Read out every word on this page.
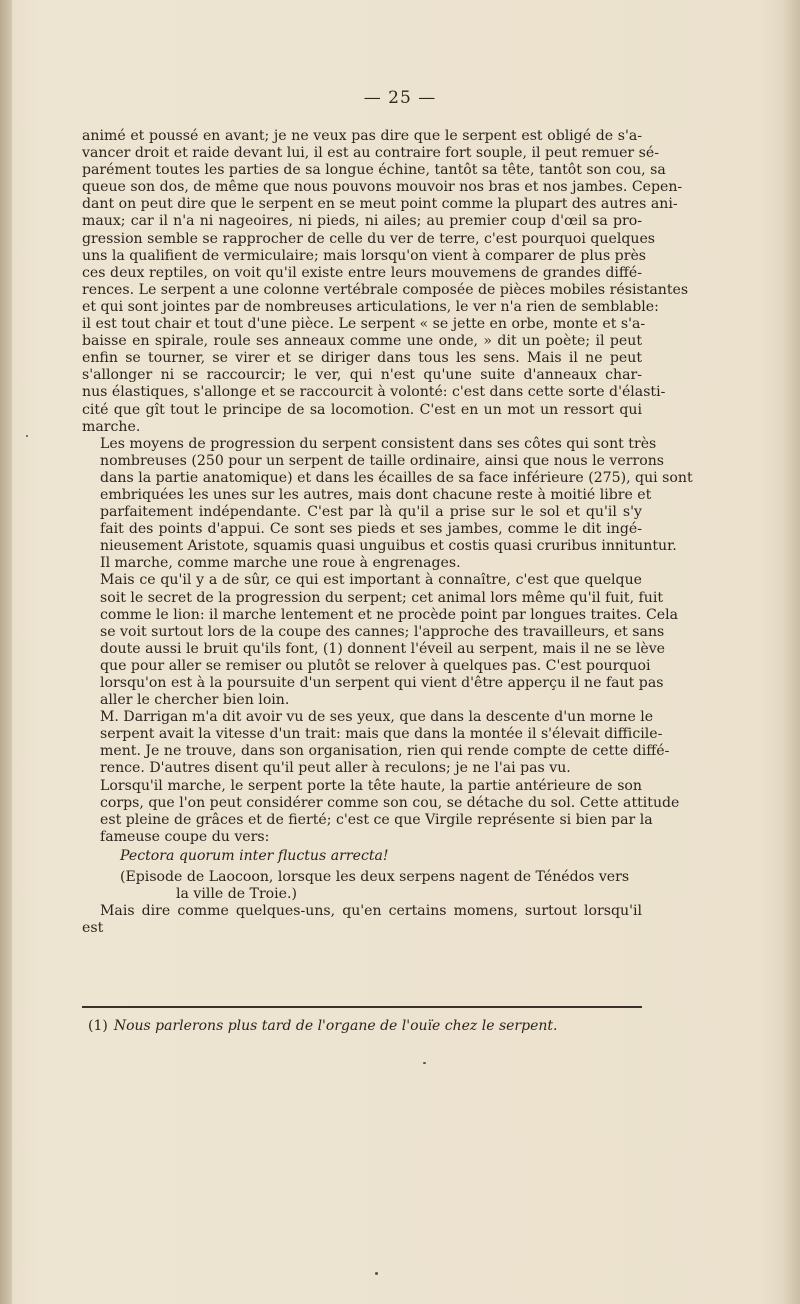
— 25 —

animé et poussé en avant; je ne veux pas dire que le serpent est obligé de s'a-
vancer droit et raide devant lui, il est au contraire fort souple, il peut remuer sé-
parément toutes les parties de sa longue échine, tantôt sa tête, tantôt son cou, sa
queue son dos, de même que nous pouvons mouvoir nos bras et nos jambes. Cepen-
dant on peut dire que le serpent en se meut point comme la plupart des autres ani-
maux; car il n'a ni nageoires, ni pieds, ni ailes; au premier coup d'œil sa pro-
gression semble se rapprocher de celle du ver de terre, c'est pourquoi quelques
uns la qualifient de vermiculaire; mais lorsqu'on vient à comparer de plus près
ces deux reptiles, on voit qu'il existe entre leurs mouvemens de grandes diffé-
rences. Le serpent a une colonne vertébrale composée de pièces mobiles résistantes
et qui sont jointes par de nombreuses articulations, le ver n'a rien de semblable:
il est tout chair et tout d'une pièce. Le serpent « se jette en orbe, monte et s'a-
baisse en spirale, roule ses anneaux comme une onde, » dit un poète; il peut
enfin se tourner, se virer et se diriger dans tous les sens. Mais il ne peut
s'allonger ni se raccourcir; le ver, qui n'est qu'une suite d'anneaux char-
nus élastiques, s'allonge et se raccourcit à volonté: c'est dans cette sorte d'élasti-
cité que gît tout le principe de sa locomotion. C'est en un mot un ressort qui
marche.

Les moyens de progression du serpent consistent dans ses côtes qui sont très
nombreuses (250 pour un serpent de taille ordinaire, ainsi que nous le verrons
dans la partie anatomique) et dans les écailles de sa face inférieure (275), qui sont
embriquées les unes sur les autres, mais dont chacune reste à moitié libre et
parfaitement indépendante. C'est par là qu'il a prise sur le sol et qu'il s'y
fait des points d'appui. Ce sont ses pieds et ses jambes, comme le dit ingé-
nieusement Aristote, squamis quasi unguibus et costis quasi cruribus innituntur.
Il marche, comme marche une roue à engrenages.

Mais ce qu'il y a de sûr, ce qui est important à connaître, c'est que quelque
soit le secret de la progression du serpent; cet animal lors même qu'il fuit, fuit
comme le lion: il marche lentement et ne procède point par longues traites. Cela
se voit surtout lors de la coupe des cannes; l'approche des travailleurs, et sans
doute aussi le bruit qu'ils font, (1) donnent l'éveil au serpent, mais il ne se lève
que pour aller se remiser ou plutôt se relover à quelques pas. C'est pourquoi
lorsqu'on est à la poursuite d'un serpent qui vient d'être apperçu il ne faut pas
aller le chercher bien loin.

M. Darrigan m'a dit avoir vu de ses yeux, que dans la descente d'un morne le
serpent avait la vitesse d'un trait: mais que dans la montée il s'élevait difficile-
ment. Je ne trouve, dans son organisation, rien qui rende compte de cette diffé-
rence. D'autres disent qu'il peut aller à reculons; je ne l'ai pas vu.

Lorsqu'il marche, le serpent porte la tête haute, la partie antérieure de son
corps, que l'on peut considérer comme son cou, se détache du sol. Cette attitude
est pleine de grâces et de fierté; c'est ce que Virgile représente si bien par la
fameuse coupe du vers:

Pectora quorum inter fluctus arrecta!
(Episode de Laocoon, lorsque les deux serpens nagent de Ténédos vers
la ville de Troie.)

Mais dire comme quelques-uns, qu'en certains momens, surtout lorsqu'il est

(1) Nous parlerons plus tard de l'organe de l'ouïe chez le serpent.
